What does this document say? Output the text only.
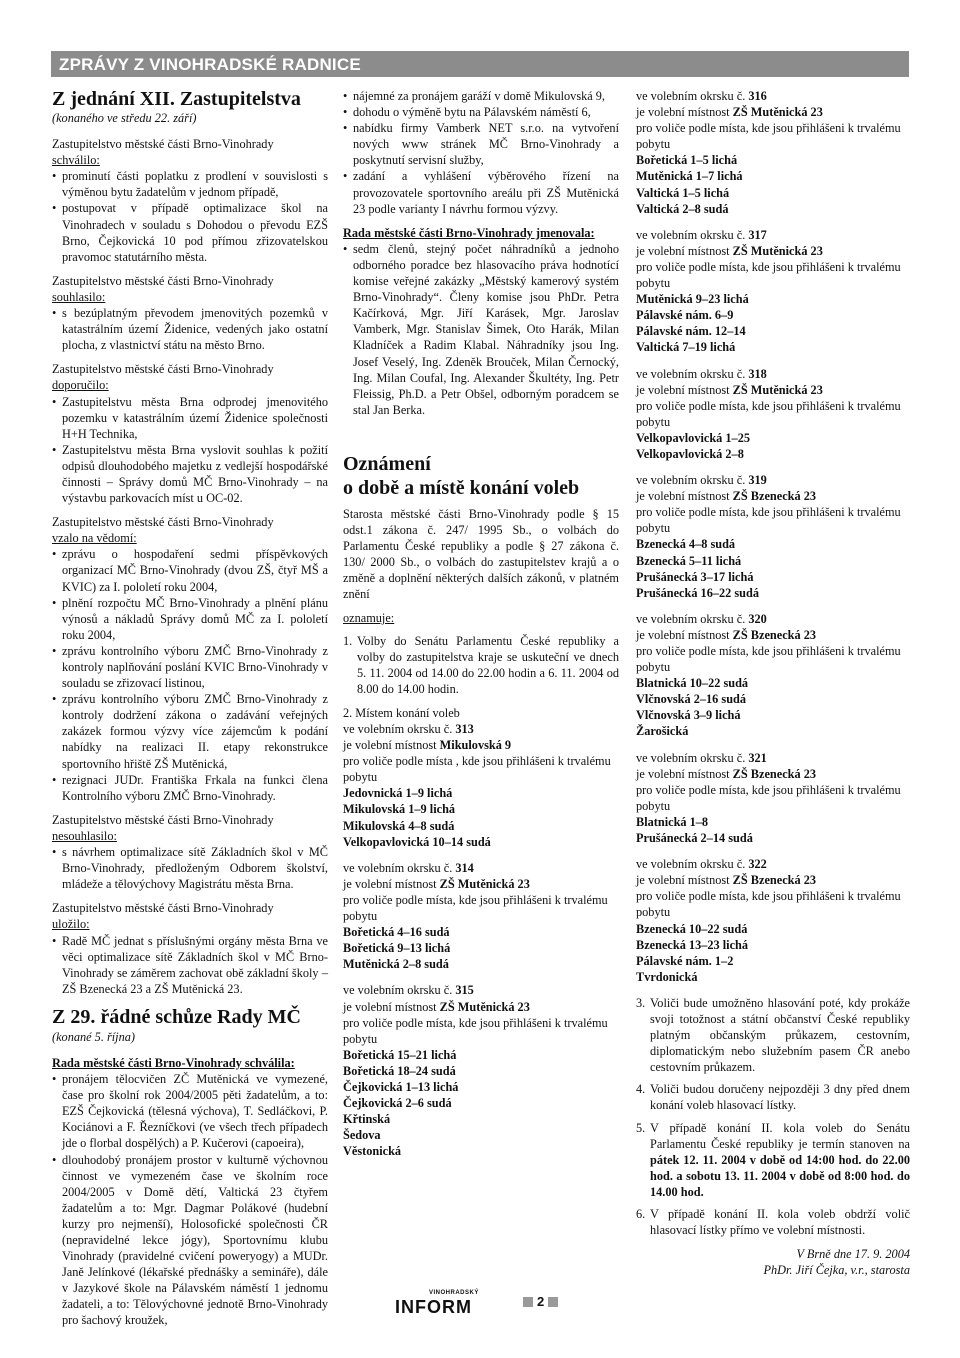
ZPRÁVY Z VINOHRADSKÉ RADNICE

Z jednání XII. Zastupitelstva

(konaného ve středu 22. září)

Zastupitelstvo městské části Brno-Vinohrady

schválilo:

• prominutí části poplatku z prodlení v souvislosti s výměnou bytu žadatelům v jednom případě,
• postupovat v případě optimalizace škol na Vinohradech v souladu s Dohodou o převodu EZŠ Brno, Čejkovická 10 pod přímou zřizovatelskou pravomoc statutárního města.

Zastupitelstvo městské části Brno-Vinohrady

souhlasilo:

• s bezúplatným převodem jmenovitých pozemků v katastrálním území Židenice, vedených jako ostatní plocha, z vlastnictví státu na město Brno.

Zastupitelstvo městské části Brno-Vinohrady

doporučilo:

• Zastupitelstvu města Brna odprodej jmenovitého pozemku v katastrálním území Židenice společnosti H+H Technika,
• Zastupitelstvu města Brna vyslovit souhlas k požití odpisů dlouhodobého majetku z vedlejší hospodářské činnosti – Správy domů MČ Brno-Vinohrady – na výstavbu parkovacích míst u OC-02.

Zastupitelstvo městské části Brno-Vinohrady

vzalo na vědomí:

• zprávu o hospodaření sedmi příspěvkových organizací MČ Brno-Vinohrady (dvou ZŠ, čtyř MŠ a KVIC) za I. pololetí roku 2004,
• plnění rozpočtu MČ Brno-Vinohrady a plnění plánu výnosů a nákladů Správy domů MČ za I. pololetí roku 2004,
• zprávu kontrolního výboru ZMČ Brno-Vinohrady z kontroly naplňování poslání KVIC Brno-Vinohrady v souladu se zřizovací listinou,
• zprávu kontrolního výboru ZMČ Brno-Vinohrady z kontroly dodržení zákona o zadávání veřejných zakázek formou výzvy více zájemcům k podání nabídky na realizaci II. etapy rekonstrukce sportovního hřiště ZŠ Mutěnická,
• rezignaci JUDr. Františka Frkala na funkci člena Kontrolního výboru ZMČ Brno-Vinohrady.

Zastupitelstvo městské části Brno-Vinohrady

nesouhlasilo:

• s návrhem optimalizace sítě Základních škol v MČ Brno-Vinohrady, předloženým Odborem školství, mládeže a tělovýchovy Magistrátu města Brna.

Zastupitelstvo městské části Brno-Vinohrady

uložilo:

• Radě MČ jednat s příslušnými orgány města Brna ve věci optimalizace sítě Základních škol v MČ Brno-Vinohrady se záměrem zachovat obě základní školy – ZŠ Bzenecká 23 a ZŠ Mutěnická 23.

Z 29. řádné schůze Rady MČ

(konané 5. října)

Rada městské části Brno-Vinohrady schválila:

• pronájem tělocvičen ZČ Mutěnická ve vymezené, čase pro školní rok 2004/2005 pěti žadatelům, a to: EZŠ Čejkovická (tělesná výchova), T. Sedláčkovi, P. Kociánovi a F. Řezníčkovi (ve všech třech případech jde o florbal dospělých) a P. Kučerovi (capoeira),
• dlouhodobý pronájem prostor v kulturně výchovnou činnost ve vymezeném čase ve školním roce 2004/2005 v Domě dětí, Valtická 23 čtyřem žadatelům a to: Mgr. Dagmar Polákové (hudební kurzy pro nejmenší), Holosofické společnosti ČR (nepravidelné lekce jógy), Sportovnímu klubu Vinohrady (pravidelné cvičení poweryogy) a MUDr. Janě Jelínkové (lékařské přednášky a semináře), dále v Jazykové škole na Pálavském náměstí 1 jednomu žadateli, a to: Tělovýchovné jednotě Brno-Vinohrady pro šachový kroužek,
• nájemné za pronájem garáží v domě Mikulovská 9,
• dohodu o výměně bytu na Pálavském náměstí 6,
• nabídku firmy Vamberk NET s.r.o. na vytvoření nových www stránek MČ Brno-Vinohrady a poskytnutí servisní služby,
• zadání a vyhlášení výběrového řízení na provozovatele sportovního areálu při ZŠ Mutěnická 23 podle varianty I návrhu formou výzvy.

Rada městské části Brno-Vinohrady jmenovala:

• sedm členů, stejný počet náhradníků a jednoho odborného poradce bez hlasovacího práva hodnotící komise veřejné zakázky „Městský kamerový systém Brno-Vinohrady“. Členy komise jsou PhDr. Petra Kačírková, Mgr. Jiří Karásek, Mgr. Jaroslav Vamberk, Mgr. Stanislav Šimek, Oto Harák, Milan Kladníček a Radim Klabal. Náhradníky jsou Ing. Josef Veselý, Ing. Zdeněk Brouček, Milan Černocký, Ing. Milan Coufal, Ing. Alexander Škultéty, Ing. Petr Fleissig, Ph.D. a Petr Obšel, odborným poradcem se stal Jan Berka.

Oznámení

o době a místě konání voleb

Starosta městské části Brno-Vinohrady podle § 15 odst.1 zákona č. 247/ 1995 Sb., o volbách do Parlamentu České republiky a podle § 27 zákona č. 130/ 2000 Sb., o volbách do zastupitelstev krajů a o změně a doplnění některých dalších zákonů, v platném znění

oznamuje:

1. Volby do Senátu Parlamentu České republiky a volby do zastupitelstva kraje se uskuteční ve dnech 5. 11. 2004 od 14.00 do 22.00 hodin a 6. 11. 2004 od 8.00 do 14.00 hodin.

2. Místem konání voleb

ve volebním okrsku č. 313

je volební místnost Mikulovská 9

pro voliče podle místa , kde jsou přihlášeni k trvalému pobytu

Jedovnická 1–9 lichá

Mikulovská 1–9 lichá

Mikulovská 4–8 sudá

Velkopavlovická 10–14 sudá

ve volebním okrsku č. 314

je volební místnost ZŠ Mutěnická 23

pro voliče podle místa, kde jsou přihlášeni k trvalému pobytu

Bořetická 4–16 sudá

Bořetická 9–13 lichá

Mutěnická 2–8 sudá

ve volebním okrsku č. 315

je volební místnost ZŠ Mutěnická 23

pro voliče podle místa, kde jsou přihlášeni k trvalému pobytu

Bořetická 15–21 lichá

Bořetická 18–24 sudá

Čejkovická 1–13 lichá

Čejkovická 2–6 sudá

Křtinská

Šedova

Věstonická

ve volebním okrsku č. 316

je volební místnost ZŠ Mutěnická 23

pro voliče podle místa, kde jsou přihlášeni k trvalému pobytu

Bořetická 1–5 lichá

Mutěnická 1–7 lichá

Valtická 1–5 lichá

Valtická 2–8 sudá

ve volebním okrsku č. 317

je volební místnost ZŠ Mutěnická 23

pro voliče podle místa, kde jsou přihlášeni k trvalému pobytu

Mutěnická 9–23 lichá

Pálavské nám. 6–9

Pálavské nám. 12–14

Valtická 7–19 lichá

ve volebním okrsku č. 318

je volební místnost ZŠ Mutěnická 23

pro voliče podle místa, kde jsou přihlášeni k trvalému pobytu

Velkopavlovická 1–25

Velkopavlovická 2–8

ve volebním okrsku č. 319

je volební místnost ZŠ Bzenecká 23

pro voliče podle místa, kde jsou přihlášeni k trvalému pobytu

Bzenecká 4–8 sudá

Bzenecká 5–11 lichá

Prušánecká 3–17 lichá

Prušánecká 16–22 sudá

ve volebním okrsku č. 320

je volební místnost ZŠ Bzenecká 23

pro voliče podle místa, kde jsou přihlášeni k trvalému pobytu

Blatnická 10–22 sudá

Vlčnovská 2–16 sudá

Vlčnovská 3–9 lichá

Žarošická

ve volebním okrsku č. 321

je volební místnost ZŠ Bzenecká 23

pro voliče podle místa, kde jsou přihlášeni k trvalému pobytu

Blatnická 1–8

Prušánecká 2–14 sudá

ve volebním okrsku č. 322

je volební místnost ZŠ Bzenecká 23

pro voliče podle místa, kde jsou přihlášeni k trvalému pobytu

Bzenecká 10–22 sudá

Bzenecká 13–23 lichá

Pálavské nám. 1–2

Tvrdonická

3. Voliči bude umožněno hlasování poté, kdy prokáže svoji totožnost a státní občanství České republiky platným občanským průkazem, cestovním, diplomatickým nebo služebním pasem ČR anebo cestovním průkazem.
4. Voliči budou doručeny nejpozději 3 dny před dnem konání voleb hlasovací lístky.
5. V případě konání II. kola voleb do Senátu Parlamentu České republiky je termín stanoven na pátek 12. 11. 2004 v době od 14:00 hod. do 22.00 hod. a sobotu 13. 11. 2004 v době od 8:00 hod. do 14.00 hod.
6. V případě konání II. kola voleb obdrží volič hlasovací lístky přímo ve volební místnosti.

V Brně dne 17. 9. 2004

PhDr. Jiří Čejka, v.r., starosta

VINOHRADSKÝ
INFORM	2
